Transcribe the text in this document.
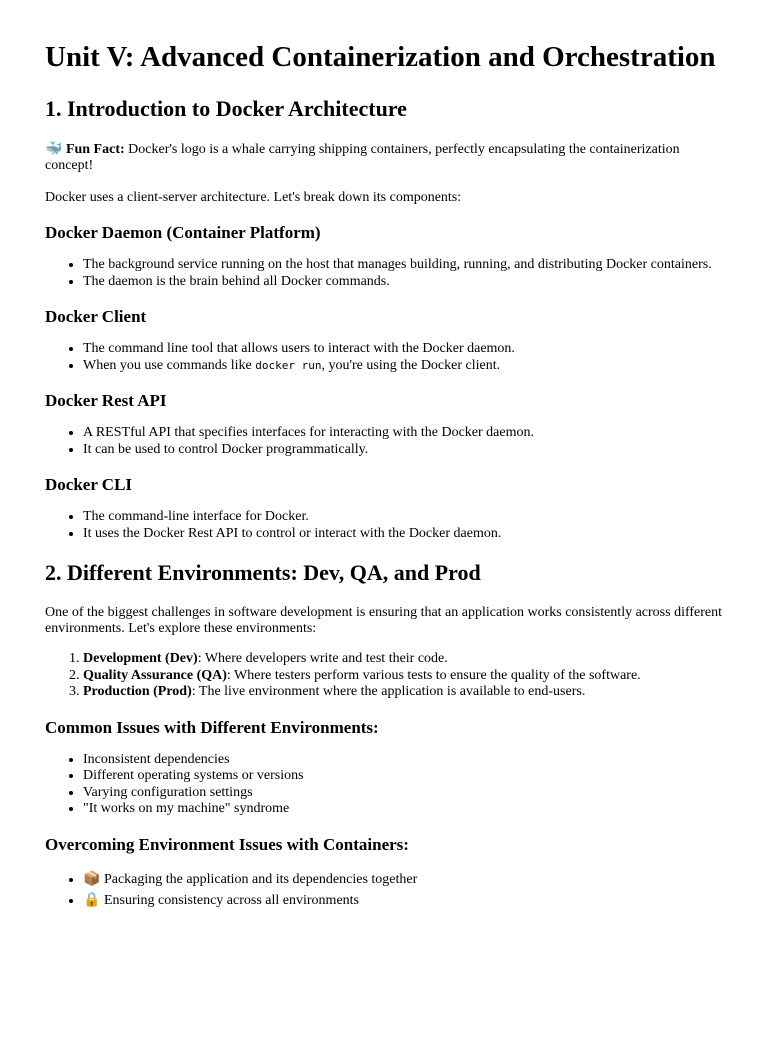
Unit V: Advanced Containerization and Orchestration
1. Introduction to Docker Architecture

🐳 Fun Fact: Docker's logo is a whale carrying shipping containers, perfectly encapsulating the containerization concept!

Docker uses a client-server architecture. Let's break down its components:

Docker Daemon (Container Platform)
• The background service running on the host that manages building, running, and distributing Docker containers.
• The daemon is the brain behind all Docker commands.
Docker Client
• The command line tool that allows users to interact with the Docker daemon.
• When you use commands like docker run, you're using the Docker client.
Docker Rest API
• A RESTful API that specifies interfaces for interacting with the Docker daemon.
• It can be used to control Docker programmatically.
Docker CLI
• The command-line interface for Docker.
• It uses the Docker Rest API to control or interact with the Docker daemon.
2. Different Environments: Dev, QA, and Prod

One of the biggest challenges in software development is ensuring that an application works consistently across different environments. Let's explore these environments:

1. Development (Dev): Where developers write and test their code.
2. Quality Assurance (QA): Where testers perform various tests to ensure the quality of the software.
3. Production (Prod): The live environment where the application is available to end-users.
Common Issues with Different Environments:
• Inconsistent dependencies
• Different operating systems or versions
• Varying configuration settings
• "It works on my machine" syndrome
Overcoming Environment Issues with Containers:
• 📦 Packaging the application and its dependencies together
• 🔒 Ensuring consistency across all environments
